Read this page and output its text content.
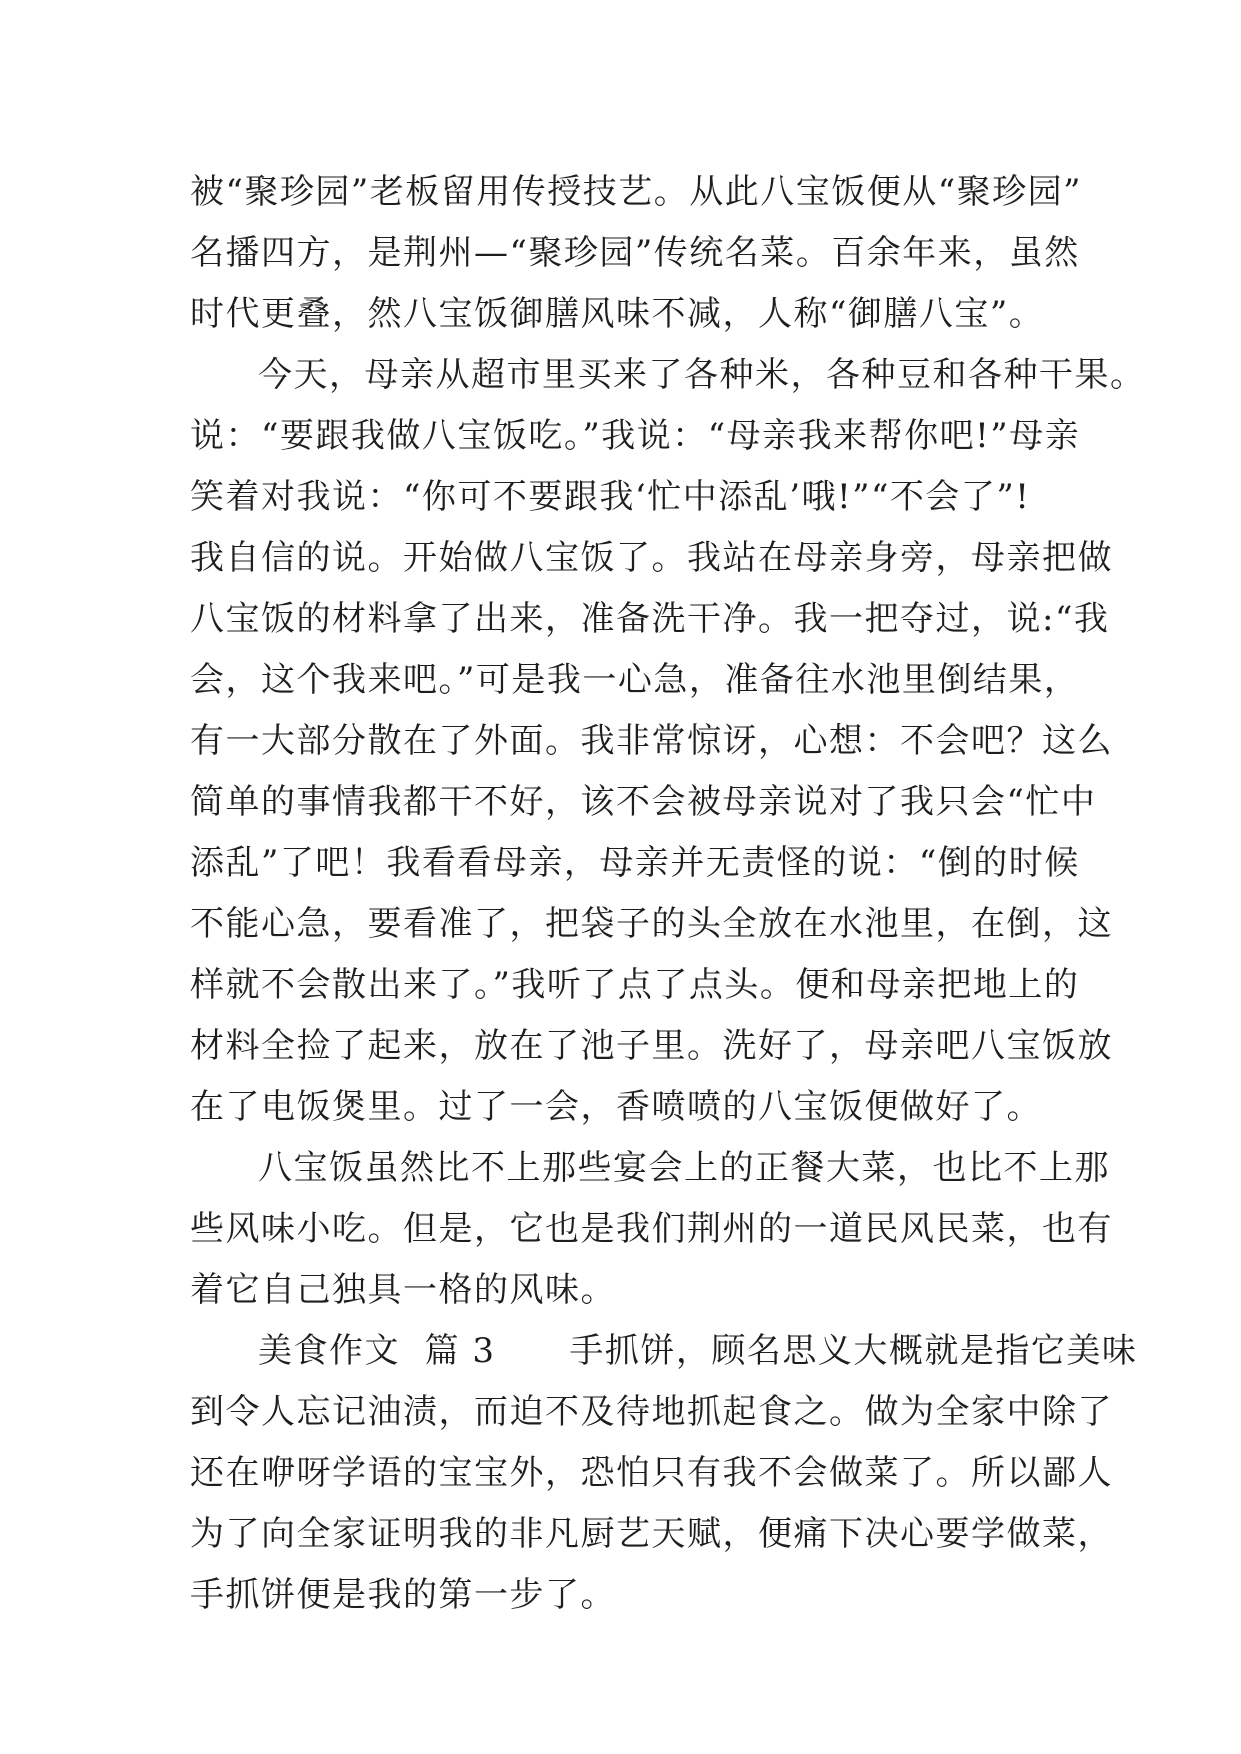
被“聚珍园”老板留用传授技艺。从此八宝饭便从“聚珍园”
名播四方，是荆州—“聚珍园”传统名菜。百余年来，虽然
时代更叠，然八宝饭御膳风味不减，人称“御膳八宝”。
今天，母亲从超市里买来了各种米，各种豆和各种干果。
说：“要跟我做八宝饭吃。”我说：“母亲我来帮你吧!”母亲
笑着对我说：“你可不要跟我‘忙中添乱’哦!”“不会了”!
我自信的说。开始做八宝饭了。我站在母亲身旁，母亲把做
八宝饭的材料拿了出来，准备洗干净。我一把夺过，说:“我
会，这个我来吧。”可是我一心急，准备往水池里倒结果，
有一大部分散在了外面。我非常惊讶，心想：不会吧？这么
简单的事情我都干不好，该不会被母亲说对了我只会“忙中
添乱”了吧！我看看母亲，母亲并无责怪的说：“倒的时候
不能心急，要看准了，把袋子的头全放在水池里，在倒，这
样就不会散出来了。”我听了点了点头。便和母亲把地上的
材料全捡了起来，放在了池子里。洗好了，母亲吧八宝饭放
在了电饭煲里。过了一会，香喷喷的八宝饭便做好了。
八宝饭虽然比不上那些宴会上的正餐大菜，也比不上那
些风味小吃。但是，它也是我们荆州的一道民风民菜，也有
着它自己独具一格的风味。
美食作文  篇 3      手抓饼，顾名思义大概就是指它美味
到令人忘记油渍，而迫不及待地抓起食之。做为全家中除了
还在咿呀学语的宝宝外，恐怕只有我不会做菜了。所以鄙人
为了向全家证明我的非凡厨艺天赋，便痛下决心要学做菜，
手抓饼便是我的第一步了。
